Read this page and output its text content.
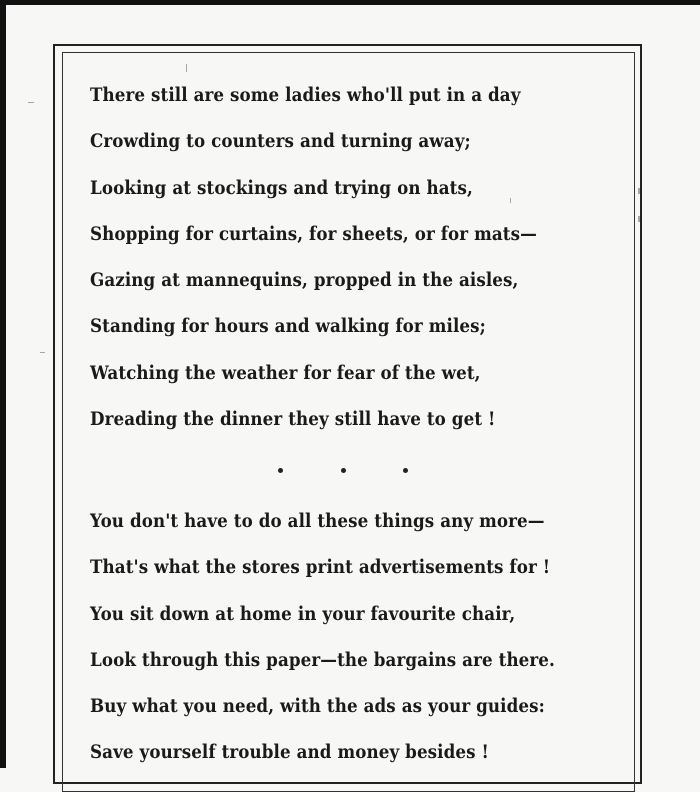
There still are some ladies who'll put in a day
Crowding to counters and turning away;
Looking at stockings and trying on hats,
Shopping for curtains, for sheets, or for mats—
Gazing at mannequins, propped in the aisles,
Standing for hours and walking for miles;
Watching the weather for fear of the wet,
Dreading the dinner they still have to get !
You don't have to do all these things any more—
That's what the stores print advertisements for !
You sit down at home in your favourite chair,
Look through this paper—the bargains are there.
Buy what you need, with the ads as your guides:
Save yourself trouble and money besides !
